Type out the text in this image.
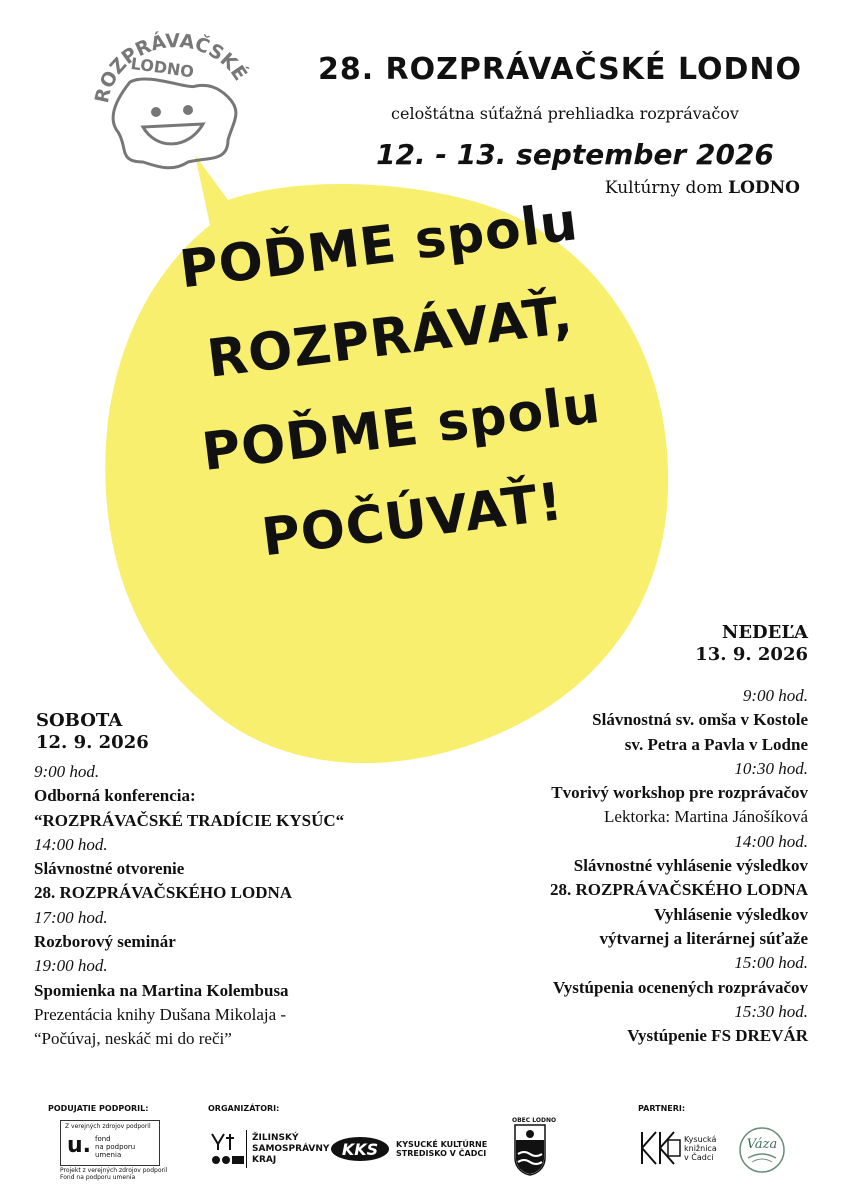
ROZPRÁVAČSKÉ
LODNO	28. ROZPRÁVAČSKÉ LODNO
celoštátna súťažná prehliadka rozprávačov
12. - 13. september 2026
Kultúrny dom LODNO
POĎME spolu
ROZPRÁVAŤ,
POĎME spolu
POČÚVAŤ!
SOBOTA
12. 9. 2026
9:00 hod.
Odborná konferencia:
“ROZPRÁVAČSKÉ TRADÍCIE KYSÚC“
14:00 hod.
Slávnostné otvorenie
28. ROZPRÁVAČSKÉHO LODNA
17:00 hod.
Rozborový seminár
19:00 hod.
Spomienka na Martina Kolembusa
Prezentácia knihy Dušana Mikolaja -
“Počúvaj, neskáč mi do reči”
NEDEĽA
13. 9. 2026
9:00 hod.
Slávnostná sv. omša v Kostole
sv. Petra a Pavla v Lodne
10:30 hod.
Tvorivý workshop pre rozprávačov
Lektorka: Martina Jánošíková
14:00 hod.
Slávnostné vyhlásenie výsledkov
28. ROZPRÁVAČSKÉHO LODNA
Vyhlásenie výsledkov
výtvarnej a literárnej súťaže
15:00 hod.
Vystúpenia ocenených rozprávačov
15:30 hod.
Vystúpenie FS DREVÁR
PODUJATIE PODPORIL:	ORGANIZÁTORI:	PARTNERI:
Z verejných zdrojov podporil
u. fond
na podporu
umenia
Projekt z verejných zdrojov podporil
Fond na podporu umenia
ŽILINSKÝ
SAMOSPRÁVNY
KRAJ
KKS KYSUCKÉ KULTÚRNE
STREDISKO V ČADCI
OBEC LODNO
Kysucká
knižnica
v Čadci
Váza
